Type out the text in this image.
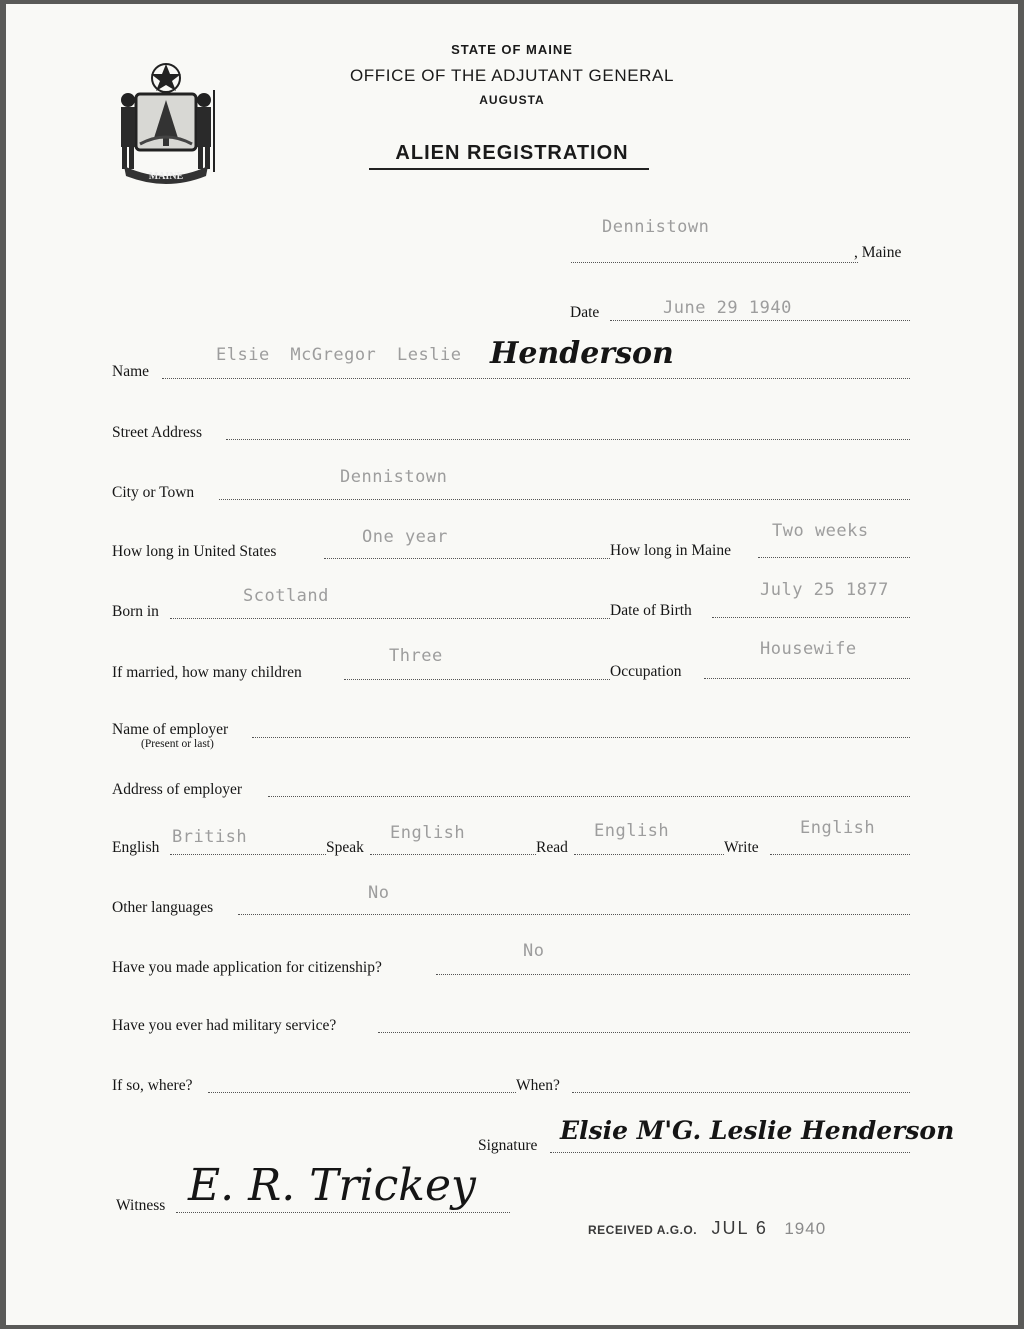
MAINE
STATE OF MAINE
OFFICE OF THE ADJUTANT GENERAL
AUGUSTA
ALIEN REGISTRATION
Dennistown
, Maine
Date	June 29 1940
Name
Elsie McGregor Leslie Henderson
Street Address
City or Town
Dennistown
How long in United States
One year
How long in Maine
Two weeks
Born in
Scotland
Date of Birth
July 25 1877
If married, how many children
Three
Occupation
Housewife
Name of employer
(Present or last)
Address of employer
English
British
Speak
English
Read
English
Write
English
Other languages
No
Have you made application for citizenship?
No
Have you ever had military service?
If so, where?	When?
Signature
Elsie M'G. Leslie Henderson
Witness E. R. Trickey
RECEIVED A.G.O. JUL 6 1940
